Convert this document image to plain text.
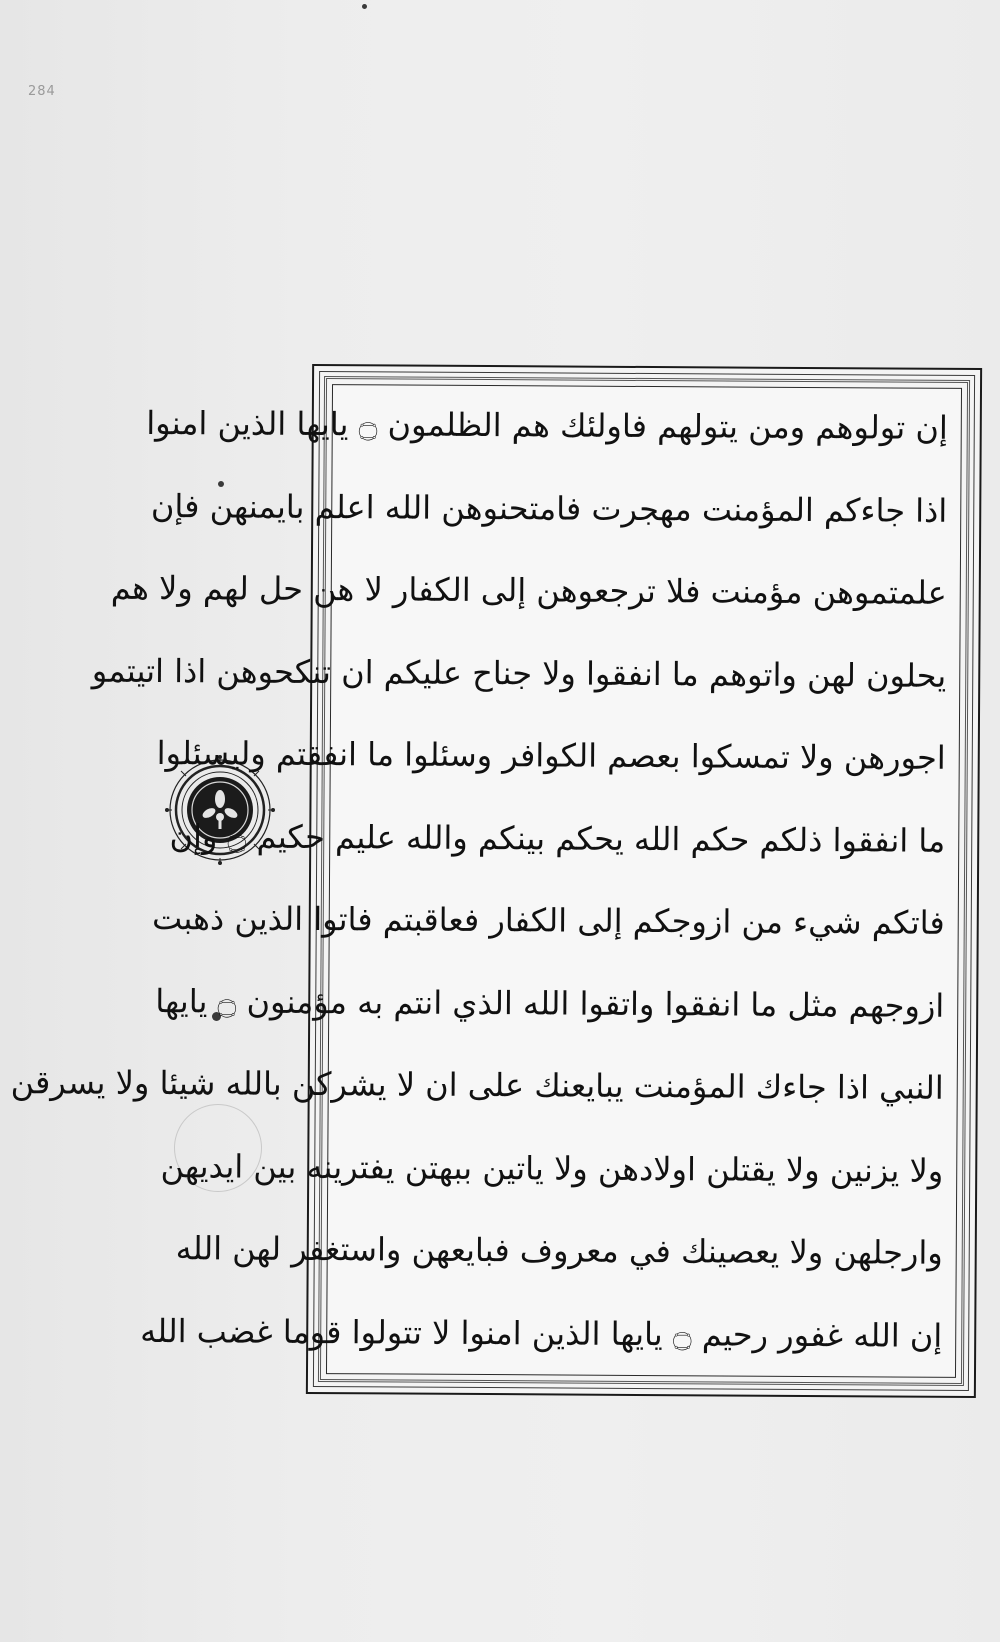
284
إن تولوهم ومن يتولهم فاولئك هم الظلمون ۝ يايها الذين امنوا
اذا جاءكم المؤمنت مهجرت فامتحنوهن الله اعلم بايمنهن فإن
علمتموهن مؤمنت فلا ترجعوهن إلى الكفار لا هن حل لهم ولا هم
يحلون لهن واتوهم ما انفقوا ولا جناح عليكم ان تنكحوهن اذا اتيتمو
اجورهن ولا تمسكوا بعصم الكوافر وسئلوا ما انفقتم وليسئلوا
ما انفقوا ذلكم حكم الله يحكم بينكم والله عليم حكيم ۝ وإن
فاتكم شيء من ازوجكم إلى الكفار فعاقبتم فاتوا الذين ذهبت
ازوجهم مثل ما انفقوا واتقوا الله الذي انتم به مؤمنون ۝ يايها
النبي اذا جاءك المؤمنت يبايعنك على ان لا يشركن بالله شيئا ولا يسرقن
ولا يزنين ولا يقتلن اولادهن ولا ياتين ببهتن يفترينه بين ايديهن
وارجلهن ولا يعصينك في معروف فبايعهن واستغفر لهن الله
إن الله غفور رحيم ۝ يايها الذين امنوا لا تتولوا قوما غضب الله
